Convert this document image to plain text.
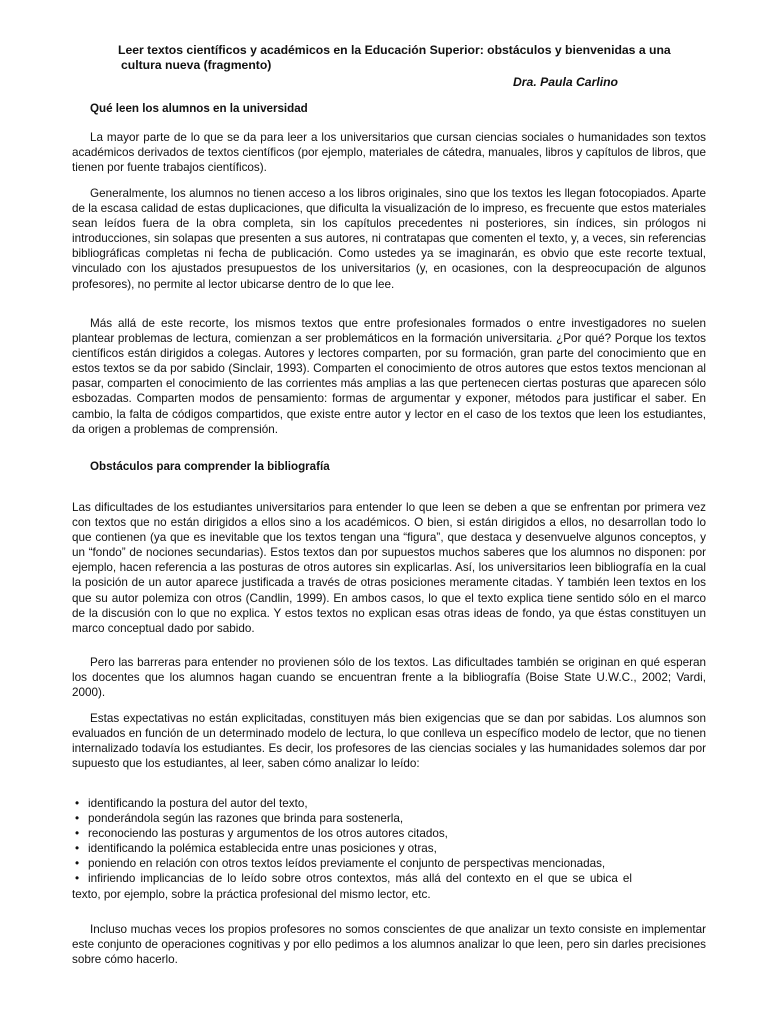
Leer textos científicos y académicos en la Educación Superior: obstáculos y bienvenidas a una
cultura nueva (fragmento)
Dra. Paula Carlino
Qué leen los alumnos en la universidad

La mayor parte de lo que se da para leer a los universitarios que cursan ciencias sociales o humanidades son textos académicos derivados de textos científicos (por ejemplo, materiales de cátedra, manuales, libros y capítulos de libros, que tienen por fuente trabajos científicos).

Generalmente, los alumnos no tienen acceso a los libros originales, sino que los textos les llegan fotocopiados. Aparte de la escasa calidad de estas duplicaciones, que dificulta la visualización de lo impreso, es frecuente que estos materiales sean leídos fuera de la obra completa, sin los capítulos precedentes ni posteriores, sin índices, sin prólogos ni introducciones, sin solapas que presenten a sus autores, ni contratapas que comenten el texto, y, a veces, sin referencias bibliográficas completas ni fecha de publicación. Como ustedes ya se imaginarán, es obvio que este recorte textual, vinculado con los ajustados presupuestos de los universitarios (y, en ocasiones, con la despreocupación de algunos profesores), no permite al lector ubicarse dentro de lo que lee.

Más allá de este recorte, los mismos textos que entre profesionales formados o entre investigadores no suelen plantear problemas de lectura, comienzan a ser problemáticos en la formación universitaria. ¿Por qué? Porque los textos científicos están dirigidos a colegas. Autores y lectores comparten, por su formación, gran parte del conocimiento que en estos textos se da por sabido (Sinclair, 1993). Comparten el conocimiento de otros autores que estos textos mencionan al pasar, comparten el conocimiento de las corrientes más amplias a las que pertenecen ciertas posturas que aparecen sólo esbozadas. Comparten modos de pensamiento: formas de argumentar y exponer, métodos para justificar el saber. En cambio, la falta de códigos compartidos, que existe entre autor y lector en el caso de los textos que leen los estudiantes, da origen a problemas de comprensión.

Obstáculos para comprender la bibliografía

Las dificultades de los estudiantes universitarios para entender lo que leen se deben a que se enfrentan por primera vez con textos que no están dirigidos a ellos sino a los académicos. O bien, si están dirigidos a ellos, no desarrollan todo lo que contienen (ya que es inevitable que los textos tengan una “figura”, que destaca y desenvuelve algunos conceptos, y un “fondo” de nociones secundarias). Estos textos dan por supuestos muchos saberes que los alumnos no disponen: por ejemplo, hacen referencia a las posturas de otros autores sin explicarlas. Así, los universitarios leen bibliografía en la cual la posición de un autor aparece justificada a través de otras posiciones meramente citadas. Y también leen textos en los que su autor polemiza con otros (Candlin, 1999). En ambos casos, lo que el texto explica tiene sentido sólo en el marco de la discusión con lo que no explica. Y estos textos no explican esas otras ideas de fondo, ya que éstas constituyen un marco conceptual dado por sabido.

Pero las barreras para entender no provienen sólo de los textos. Las dificultades también se originan en qué esperan los docentes que los alumnos hagan cuando se encuentran frente a la bibliografía (Boise State U.W.C., 2002; Vardi, 2000).

Estas expectativas no están explicitadas, constituyen más bien exigencias que se dan por sabidas. Los alumnos son evaluados en función de un determinado modelo de lectura, lo que conlleva un específico modelo de lector, que no tienen internalizado todavía los estudiantes. Es decir, los profesores de las ciencias sociales y las humanidades solemos dar por supuesto que los estudiantes, al leer, saben cómo analizar lo leído:

• identificando la postura del autor del texto,
• ponderándola según las razones que brinda para sostenerla,
• reconociendo las posturas y argumentos de los otros autores citados,
• identificando la polémica establecida entre unas posiciones y otras,
• poniendo en relación con otros textos leídos previamente el conjunto de perspectivas mencionadas,
• infiriendo implicancias de lo leído sobre otros contextos, más allá del contexto en el que se ubica el texto, por ejemplo, sobre la práctica profesional del mismo lector, etc.

Incluso muchas veces los propios profesores no somos conscientes de que analizar un texto consiste en implementar este conjunto de operaciones cognitivas y por ello pedimos a los alumnos analizar lo que leen, pero sin darles precisiones sobre cómo hacerlo.
